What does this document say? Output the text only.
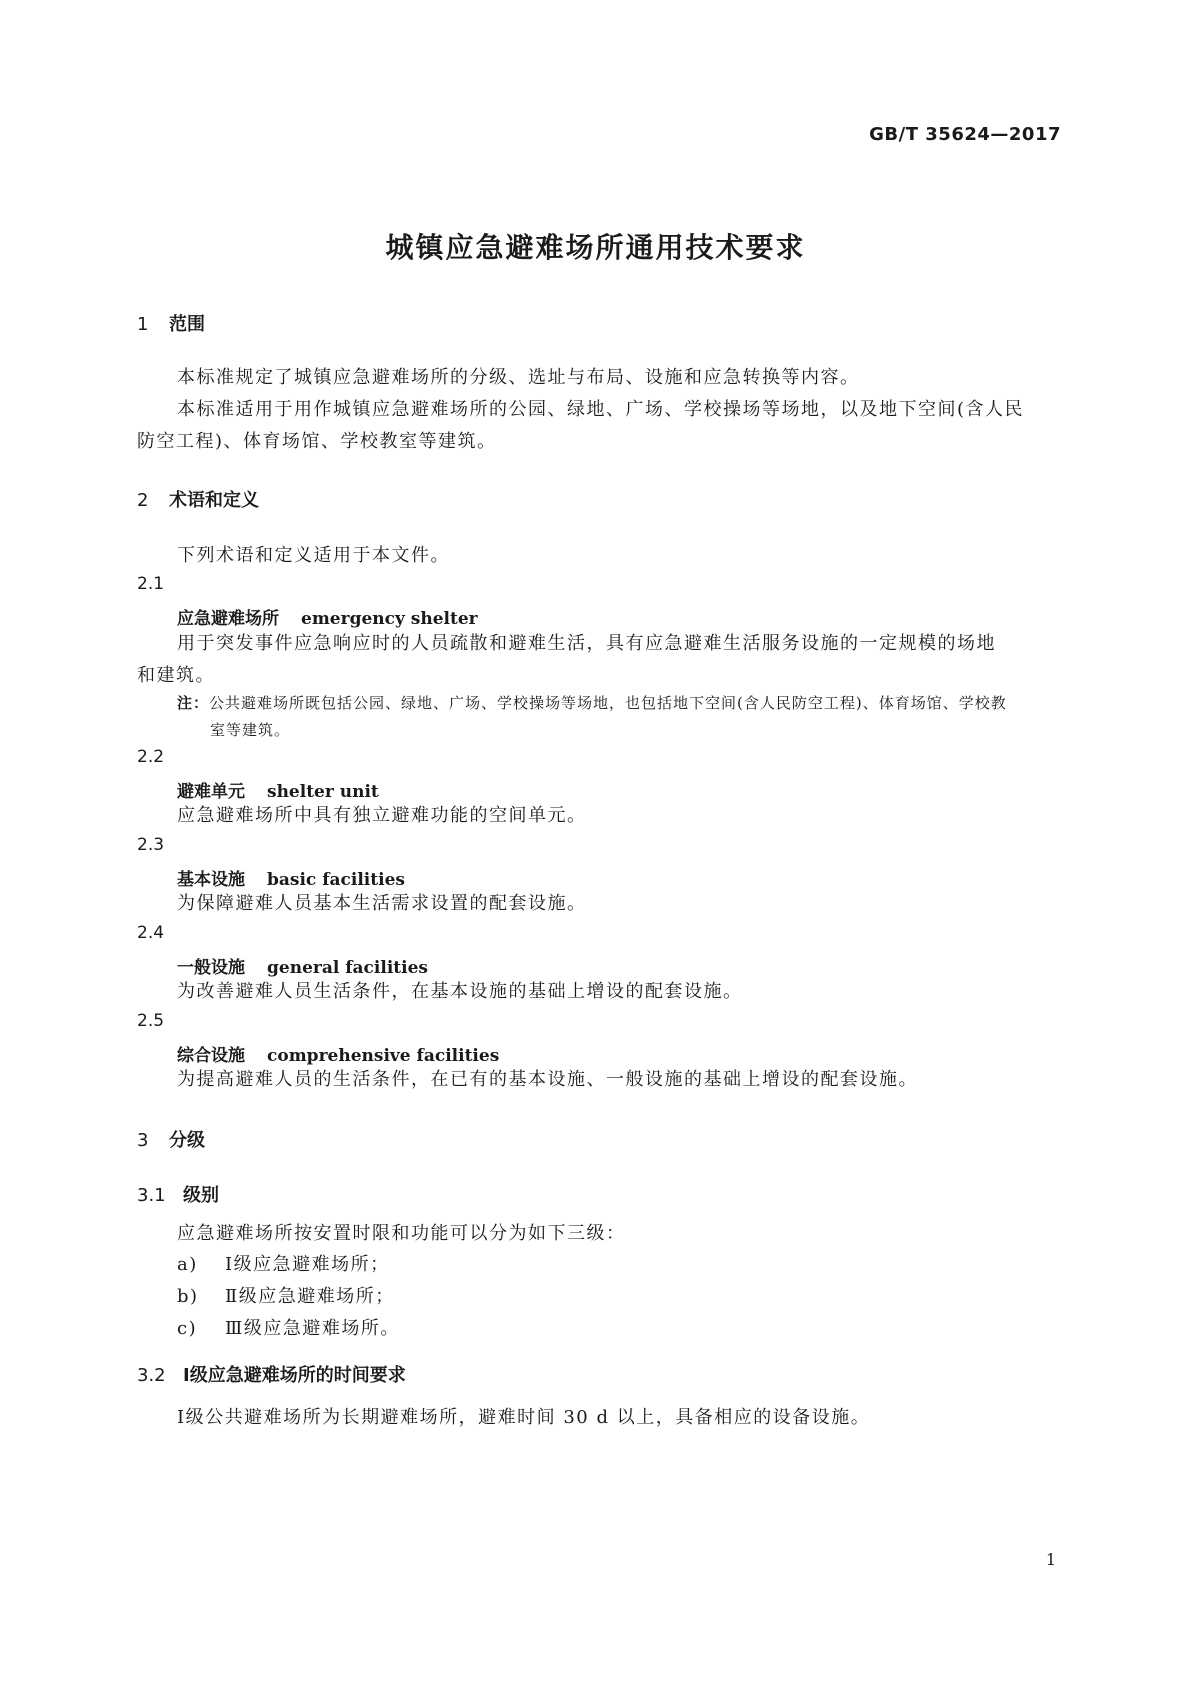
GB/T 35624—2017
城镇应急避难场所通用技术要求
1 范围
本标准规定了城镇应急避难场所的分级、选址与布局、设施和应急转换等内容。
本标准适用于用作城镇应急避难场所的公园、绿地、广场、学校操场等场地，以及地下空间(含人民
防空工程)、体育场馆、学校教室等建筑。
2 术语和定义
下列术语和定义适用于本文件。
2.1
应急避难场所 emergency shelter
用于突发事件应急响应时的人员疏散和避难生活，具有应急避难生活服务设施的一定规模的场地
和建筑。
注：公共避难场所既包括公园、绿地、广场、学校操场等场地，也包括地下空间(含人民防空工程)、体育场馆、学校教
室等建筑。
2.2
避难单元 shelter unit
应急避难场所中具有独立避难功能的空间单元。
2.3
基本设施 basic facilities
为保障避难人员基本生活需求设置的配套设施。
2.4
一般设施 general facilities
为改善避难人员生活条件，在基本设施的基础上增设的配套设施。
2.5
综合设施 comprehensive facilities
为提高避难人员的生活条件，在已有的基本设施、一般设施的基础上增设的配套设施。
3 分级
3.1 级别
应急避难场所按安置时限和功能可以分为如下三级：
a) Ⅰ级应急避难场所；
b) Ⅱ级应急避难场所；
c) Ⅲ级应急避难场所。
3.2 Ⅰ级应急避难场所的时间要求
Ⅰ级公共避难场所为长期避难场所，避难时间 30 d 以上，具备相应的设备设施。
1
